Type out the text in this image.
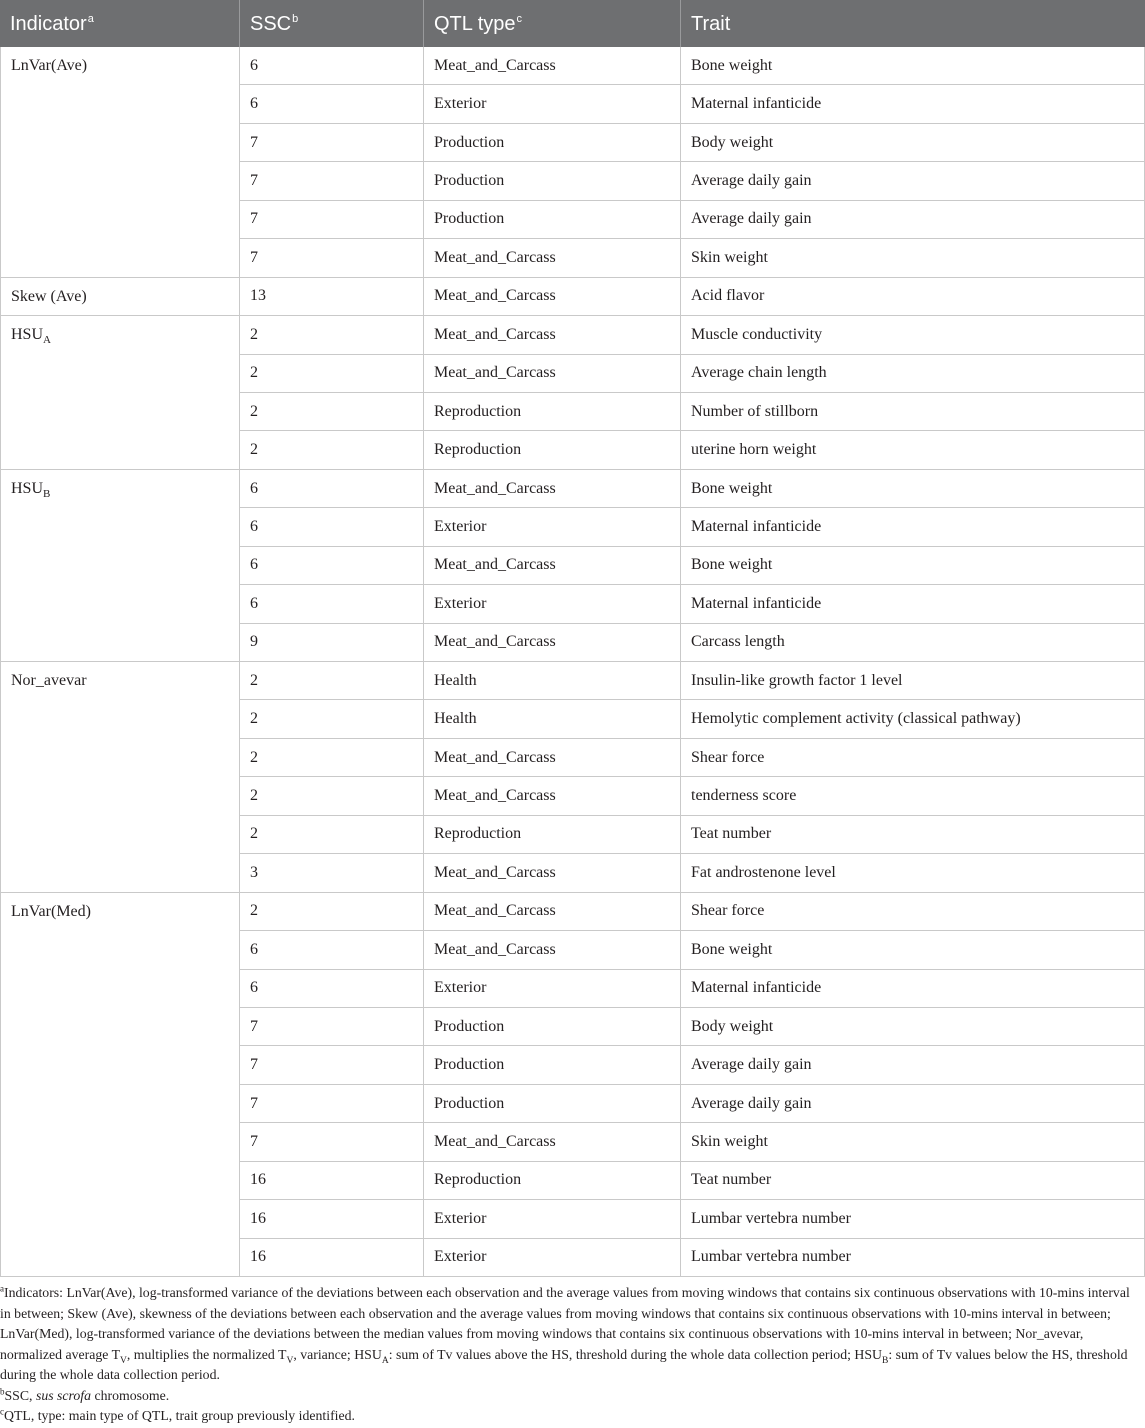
Indicator$^a$	SSC$^b$	QTL type$^c$	Trait
LnVar(Ave)	6	Meat_and_Carcass	Bone weight
6	Exterior	Maternal infanticide
7	Production	Body weight
7	Production	Average daily gain
7	Production	Average daily gain
7	Meat_and_Carcass	Skin weight
Skew (Ave)	13	Meat_and_Carcass	Acid flavor
$HSU_A$	2	Meat_and_Carcass	Muscle conductivity
2	Meat_and_Carcass	Average chain length
2	Reproduction	Number of stillborn
2	Reproduction	uterine horn weight
$HSU_B$	6	Meat_and_Carcass	Bone weight
6	Exterior	Maternal infanticide
6	Meat_and_Carcass	Bone weight
6	Exterior	Maternal infanticide
9	Meat_and_Carcass	Carcass length
Nor_avevar	2	Health	Insulin-like growth factor 1 level
2	Health	Hemolytic complement activity (classical pathway)
2	Meat_and_Carcass	Shear force
2	Meat_and_Carcass	tenderness score
2	Reproduction	Teat number
3	Meat_and_Carcass	Fat androstenone level
LnVar(Med)	2	Meat_and_Carcass	Shear force
6	Meat_and_Carcass	Bone weight
6	Exterior	Maternal infanticide
7	Production	Body weight
7	Production	Average daily gain
7	Production	Average daily gain
7	Meat_and_Carcass	Skin weight
16	Reproduction	Teat number
16	Exterior	Lumbar vertebra number
16	Exterior	Lumbar vertebra number

$^a$Indicators: LnVar(Ave), log-transformed variance of the deviations between each observation and the average values from moving windows that contains six continuous observations with 10-mins interval in between; Skew (Ave), skewness of the deviations between each observation and the average values from moving windows that contains six continuous observations with 10-mins interval in between; LnVar(Med), log-transformed variance of the deviations between the median values from moving windows that contains six continuous observations with 10-mins interval in between; Nor_avevar, normalized average $T_V$, multiplies the normalized $T_V$, variance; $HSU_A$: sum of Tv values above the HS, threshold during the whole data collection period; $HSU_B$: sum of Tv values below the HS, threshold during the whole data collection period.

$^b$SSC, sus scrofa chromosome.

$^c$QTL, type: main type of QTL, trait group previously identified.
